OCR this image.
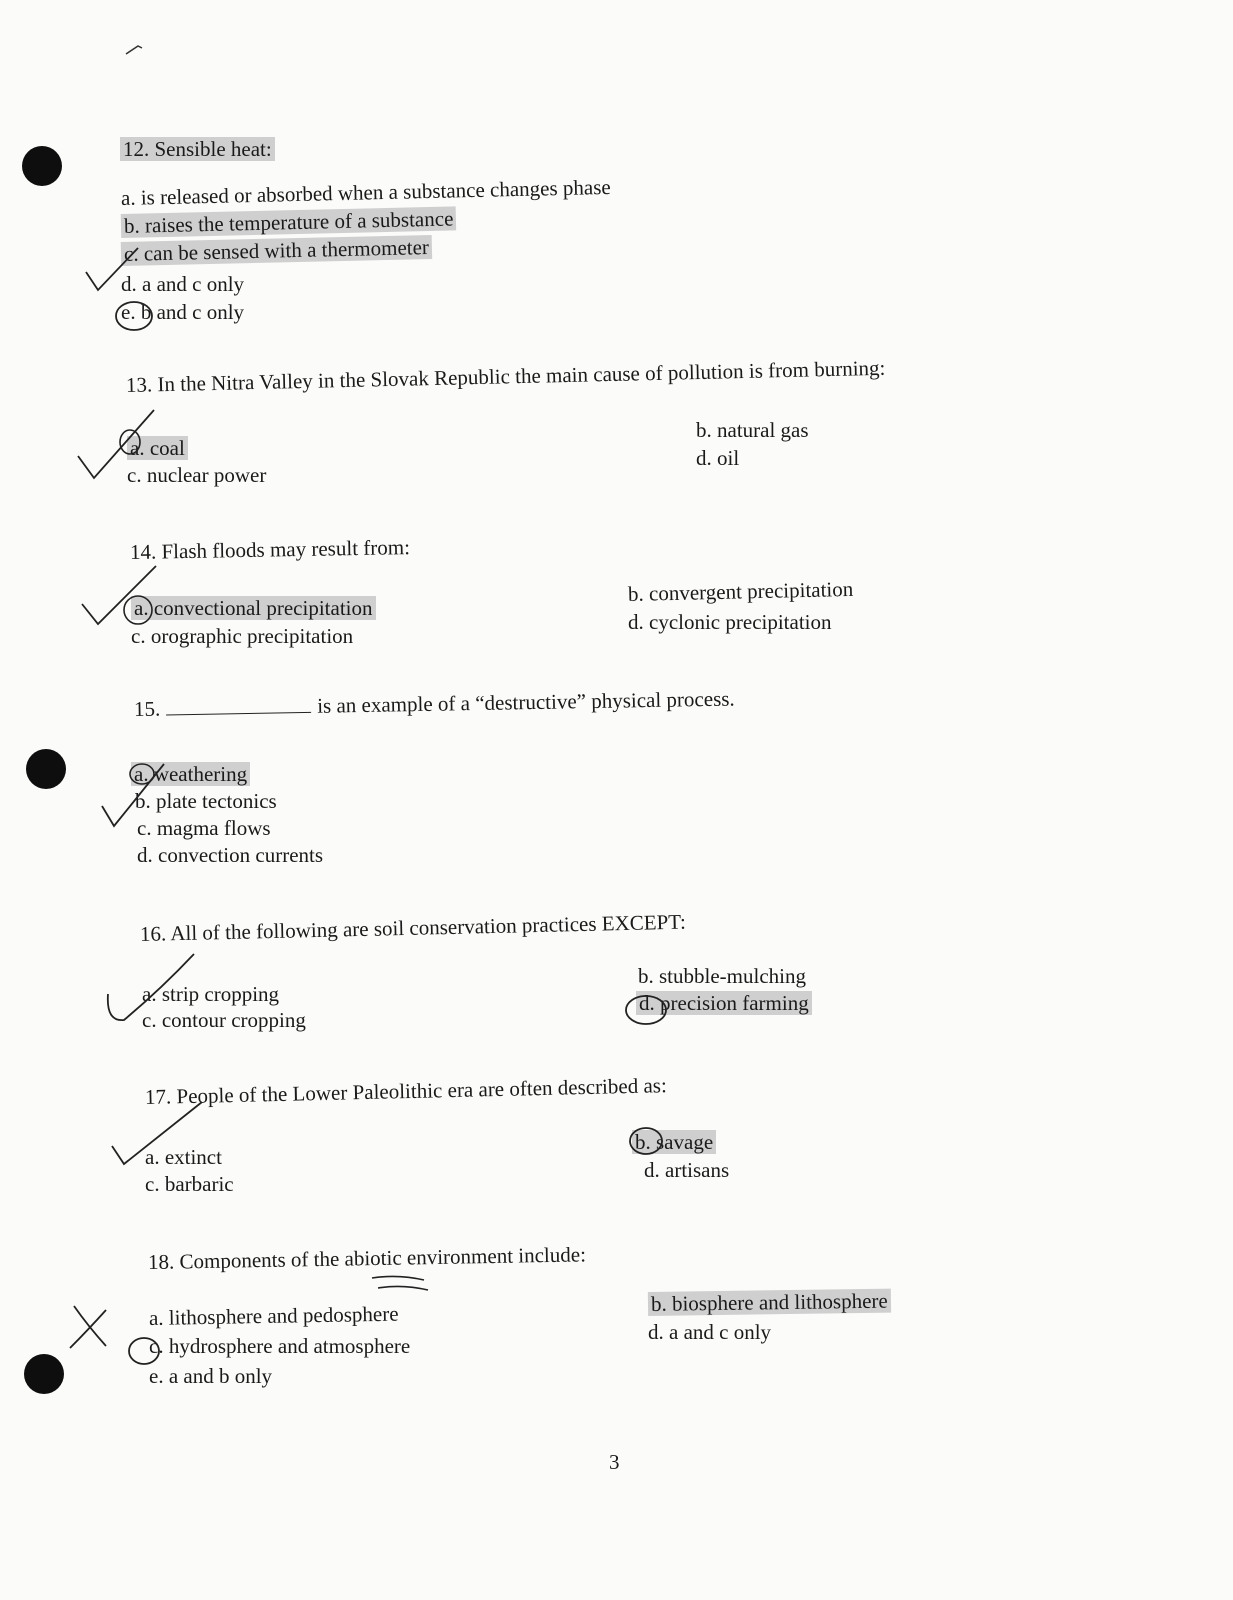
12. Sensible heat:
a. is released or absorbed when a substance changes phase
b. raises the temperature of a substance
c. can be sensed with a thermometer
d. a and c only
e. b and c only
13. In the Nitra Valley in the Slovak Republic the main cause of pollution is from burning:
a. coal
b. natural gas
c. nuclear power
d. oil
14. Flash floods may result from:
a. convectional precipitation
b. convergent precipitation
c. orographic precipitation
d. cyclonic precipitation
15.	is an example of a “destructive” physical process.
a. weathering
b. plate tectonics
c. magma flows
d. convection currents
16. All of the following are soil conservation practices EXCEPT:
a. strip cropping
b. stubble-mulching
c. contour cropping
d. precision farming
17. People of the Lower Paleolithic era are often described as:
a. extinct
b. savage
c. barbaric
d. artisans
18. Components of the abiotic environment include:
a. lithosphere and pedosphere	b. biosphere and lithosphere
c. hydrosphere and atmosphere
d. a and c only
e. a and b only
3
